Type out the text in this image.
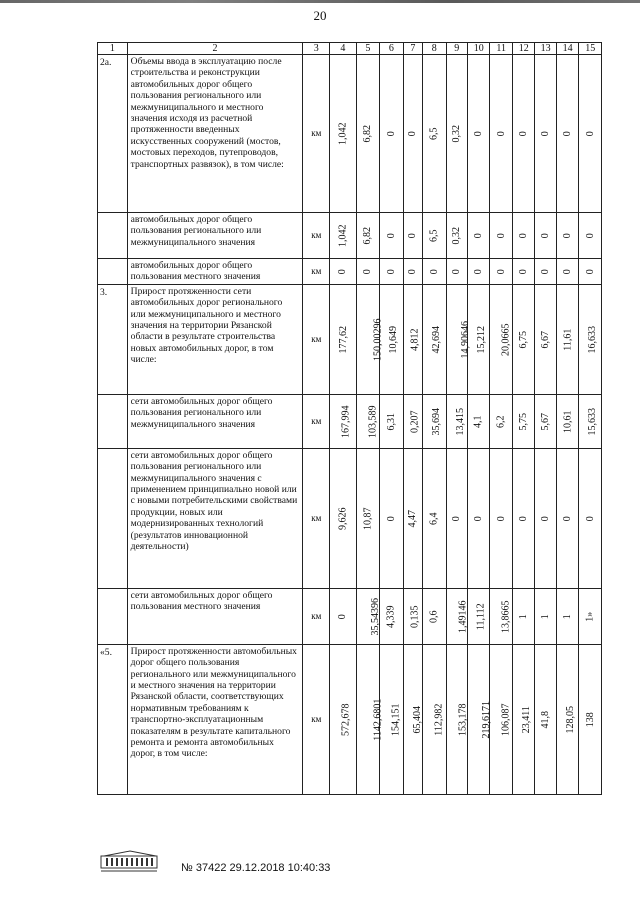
20
1	2	3	4	5	6	7	8	9	10	11	12	13	14	15
2а.	Объемы ввода в эксплуатацию после строительства и реконструкции автомобильных дорог общего пользования регионального или межмуниципального и местного значения исходя из расчетной протяженности введенных искусственных сооружений (мостов, мостовых переходов, путепроводов, транспортных развязок), в том числе:	км	1,042	6,82	0	0	6,5	0,32	0	0	0	0	0	0
	автомобильных дорог общего пользования регионального или межмуниципального значения	км	1,042	6,82	0	0	6,5	0,32	0	0	0	0	0	0
	автомобильных дорог общего пользования местного значения	км	0	0	0	0	0	0	0	0	0	0	0	0
3.	Прирост протяженности сети автомобильных дорог регионального или межмуниципального и местного значения на территории Рязанской области в результате строительства новых автомобильных дорог, в том числе:	км	177,62	150,00296	10,649	4,812	42,694	14,90646	15,212	20,0665	6,75	6,67	11,61	16,633
	сети автомобильных дорог общего пользования регионального или межмуниципального значения	км	167,994	103,589	6,31	0,207	35,694	13,415	4,1	6,2	5,75	5,67	10,61	15,633
	сети автомобильных дорог общего пользования регионального или межмуниципального значения с применением принципиально новой или с новыми потребительскими свойствами продукции, новых или модернизированных технологий (результатов инновационной деятельности)	км	9,626	10,87	0	4,47	6,4	0	0	0	0	0	0	0
	сети автомобильных дорог общего пользования местного значения	км	0	35,54396	4,339	0,135	0,6	1,49146	11,112	13,8665	1	1	1	1»
«5.	Прирост протяженности автомобильных дорог общего пользования регионального или межмуниципального и местного значения на территории Рязанской области, соответствующих нормативным требованиям к транспортно-эксплуатационным показателям в результате капитального ремонта и ремонта автомобильных дорог, в том числе:	км	572,678	1142,6801	154,151	65,404	112,982	153,178	219,6171	106,087	23,411	41,8	128,05	138
№ 37422 29.12.2018 10:40:33
